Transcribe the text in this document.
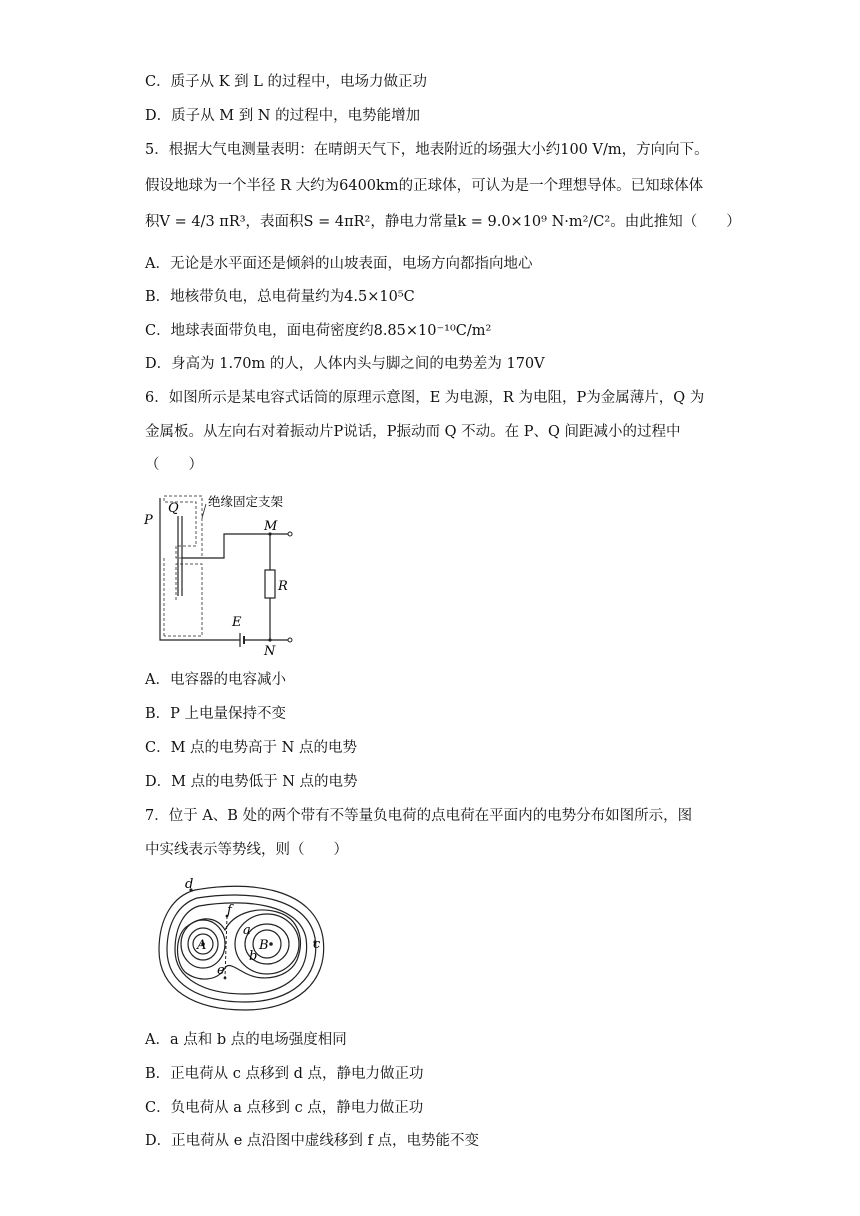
C．质子从 K 到 L 的过程中，电场力做正功
D．质子从 M 到 N 的过程中，电势能增加
5．根据大气电测量表明：在晴朗天气下，地表附近的场强大小约100 V/m，方向向下。
假设地球为一个半径 R 大约为6400km的正球体，可认为是一个理想导体。已知球体体
积V = 4/3 πR³，表面积S = 4πR²，静电力常量k = 9.0×10⁹ N·m²/C²。由此推知（　　）
A．无论是水平面还是倾斜的山坡表面，电场方向都指向地心
B．地核带负电，总电荷量约为4.5×10⁵C
C．地球表面带负电，面电荷密度约8.85×10⁻¹⁰C/m²
D．身高为 1.70m 的人，人体内头与脚之间的电势差为 170V
6．如图所示是某电容式话筒的原理示意图，E 为电源，R 为电阻，P为金属薄片，Q 为
金属板。从左向右对着振动片P说话，P振动而 Q 不动。在 P、Q 间距减小的过程中
（　　）
P
Q 绝缘固定支架
M
R
E
N
A．电容器的电容减小
B．P 上电量保持不变
C．M 点的电势高于 N 点的电势
D．M 点的电势低于 N 点的电势
7．位于 A、B 处的两个带有不等量负电荷的点电荷在平面内的电势分布如图所示，图
中实线表示等势线，则（　　）
A	B
a
b
c
d
e
f
A．a 点和 b 点的电场强度相同
B．正电荷从 c 点移到 d 点，静电力做正功
C．负电荷从 a 点移到 c 点，静电力做正功
D．正电荷从 e 点沿图中虚线移到 f 点，电势能不变
